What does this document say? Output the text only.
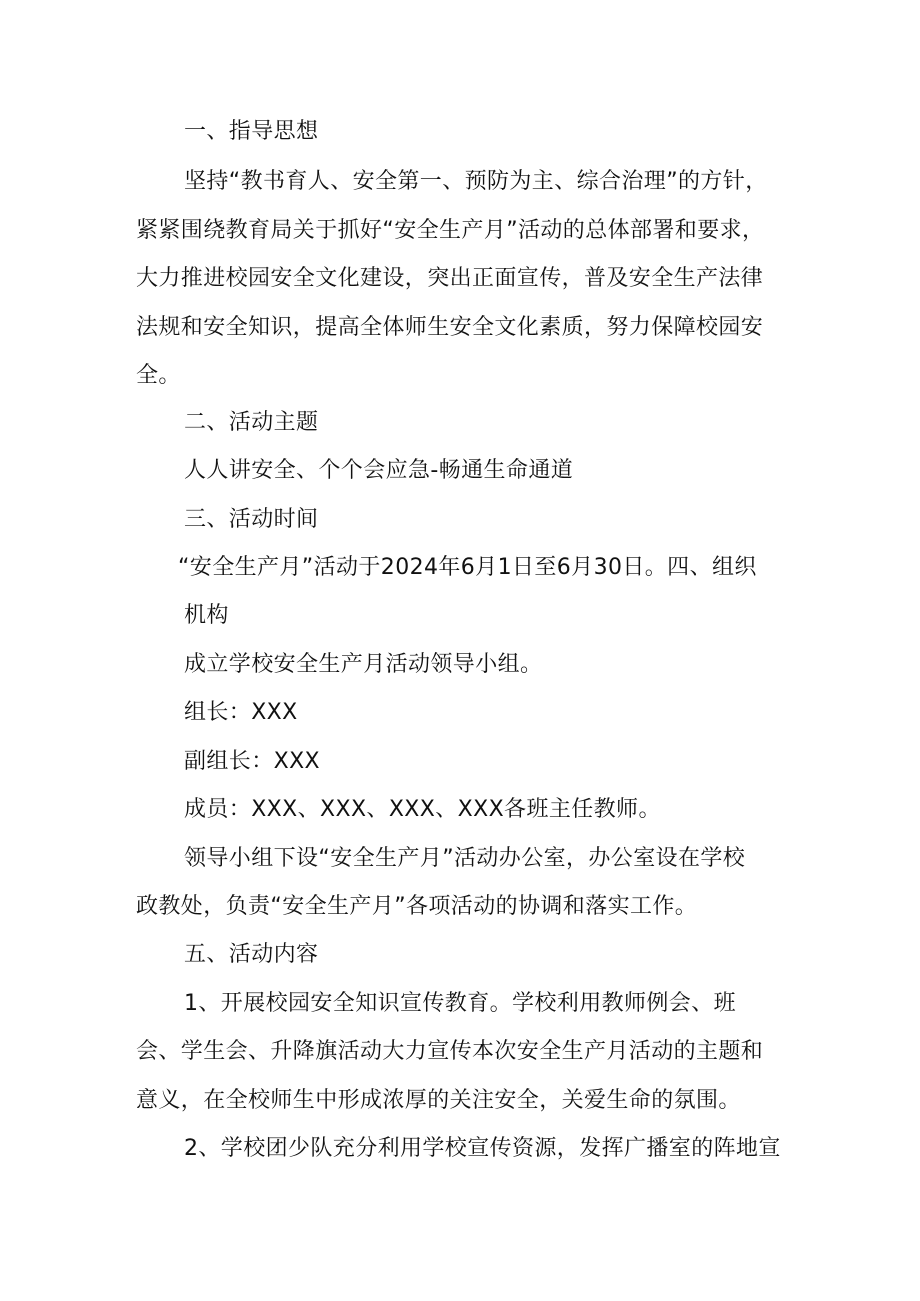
一、指导思想

坚持“教书育人、安全第一、预防为主、综合治理”的方针，

紧紧围绕教育局关于抓好“安全生产月”活动的总体部署和要求，

大力推进校园安全文化建设，突出正面宣传，普及安全生产法律

法规和安全知识，提高全体师生安全文化素质，努力保障校园安

全。

二、活动主题

人人讲安全、个个会应急-畅通生命通道

三、活动时间

“安全生产月”活动于2024年6月1日至6月30日。四、组织

机构

成立学校安全生产月活动领导小组。

组长：XXX

副组长：XXX

成员：XXX、XXX、XXX、XXX各班主任教师。

领导小组下设“安全生产月”活动办公室，办公室设在学校

政教处，负责“安全生产月”各项活动的协调和落实工作。

五、活动内容

1、开展校园安全知识宣传教育。学校利用教师例会、班

会、学生会、升降旗活动大力宣传本次安全生产月活动的主题和

意义，在全校师生中形成浓厚的关注安全，关爱生命的氛围。

2、学校团少队充分利用学校宣传资源，发挥广播室的阵地宣
